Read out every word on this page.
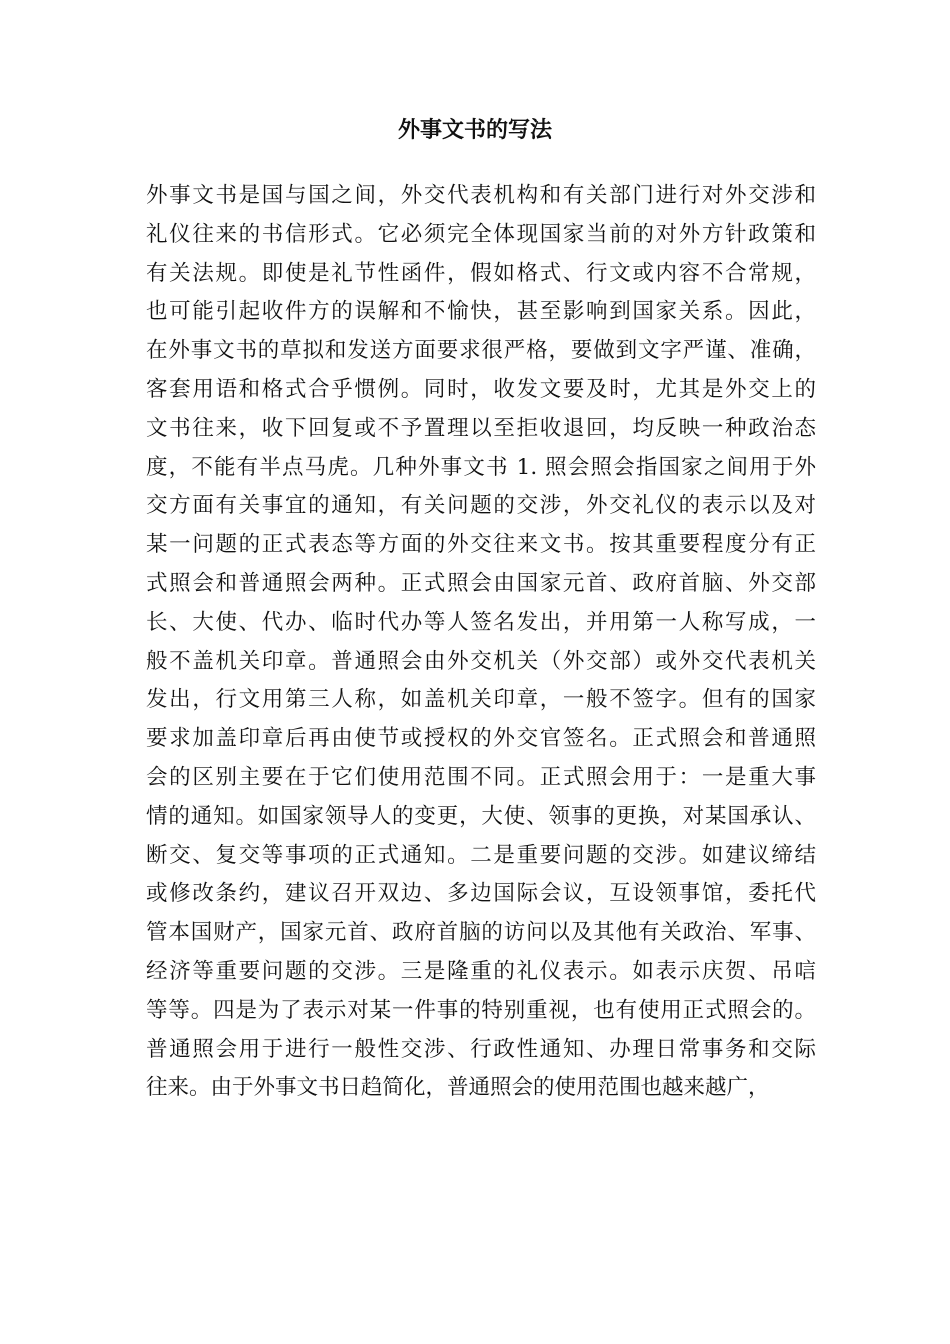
外事文书的写法
外事文书是国与国之间，外交代表机构和有关部门进行对外交涉和
礼仪往来的书信形式。它必须完全体现国家当前的对外方针政策和
有关法规。即使是礼节性函件，假如格式、行文或内容不合常规，
也可能引起收件方的误解和不愉快，甚至影响到国家关系。因此，
在外事文书的草拟和发送方面要求很严格，要做到文字严谨、准确，
客套用语和格式合乎惯例。同时，收发文要及时，尤其是外交上的
文书往来，收下回复或不予置理以至拒收退回，均反映一种政治态
度，不能有半点马虎。几种外事文书 1. 照会照会指国家之间用于外
交方面有关事宜的通知，有关问题的交涉，外交礼仪的表示以及对
某一问题的正式表态等方面的外交往来文书。按其重要程度分有正
式照会和普通照会两种。正式照会由国家元首、政府首脑、外交部
长、大使、代办、临时代办等人签名发出，并用第一人称写成，一
般不盖机关印章。普通照会由外交机关（外交部）或外交代表机关
发出，行文用第三人称，如盖机关印章，一般不签字。但有的国家
要求加盖印章后再由使节或授权的外交官签名。正式照会和普通照
会的区别主要在于它们使用范围不同。正式照会用于：一是重大事
情的通知。如国家领导人的变更，大使、领事的更换，对某国承认、
断交、复交等事项的正式通知。二是重要问题的交涉。如建议缔结
或修改条约，建议召开双边、多边国际会议，互设领事馆，委托代
管本国财产，国家元首、政府首脑的访问以及其他有关政治、军事、
经济等重要问题的交涉。三是隆重的礼仪表示。如表示庆贺、吊唁
等等。四是为了表示对某一件事的特别重视，也有使用正式照会的。
普通照会用于进行一般性交涉、行政性通知、办理日常事务和交际
往来。由于外事文书日趋简化，普通照会的使用范围也越来越广，
